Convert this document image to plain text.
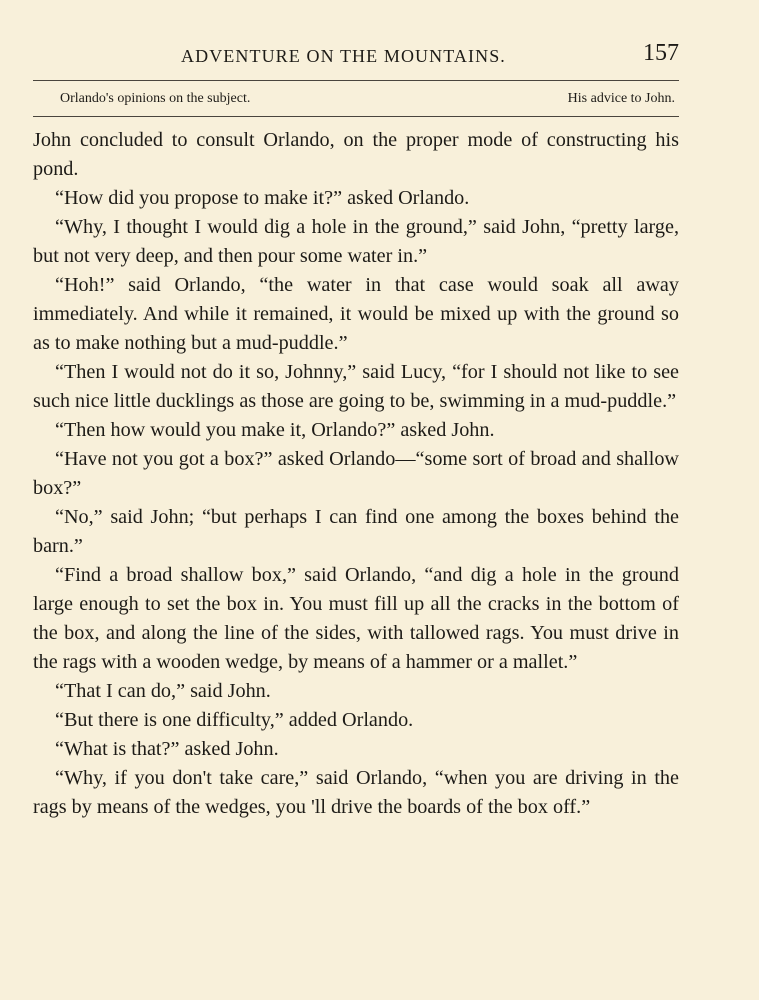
ADVENTURE ON THE MOUNTAINS.	157
Orlando's opinions on the subject.	His advice to John.

John concluded to consult Orlando, on the proper mode of constructing his pond.

“How did you propose to make it?” asked Orlando.

“Why, I thought I would dig a hole in the ground,” said John, “pretty large, but not very deep, and then pour some water in.”

“Hoh!” said Orlando, “the water in that case would soak all away immediately. And while it remained, it would be mixed up with the ground so as to make nothing but a mud-puddle.”

“Then I would not do it so, Johnny,” said Lucy, “for I should not like to see such nice little ducklings as those are going to be, swimming in a mud-puddle.”

“Then how would you make it, Orlando?” asked John.

“Have not you got a box?” asked Orlando—“some sort of broad and shallow box?”

“No,” said John; “but perhaps I can find one among the boxes behind the barn.”

“Find a broad shallow box,” said Orlando, “and dig a hole in the ground large enough to set the box in. You must fill up all the cracks in the bottom of the box, and along the line of the sides, with tallowed rags. You must drive in the rags with a wooden wedge, by means of a hammer or a mallet.”

“That I can do,” said John.

“But there is one difficulty,” added Orlando.

“What is that?” asked John.

“Why, if you don't take care,” said Orlando, “when you are driving in the rags by means of the wedges, you 'll drive the boards of the box off.”
